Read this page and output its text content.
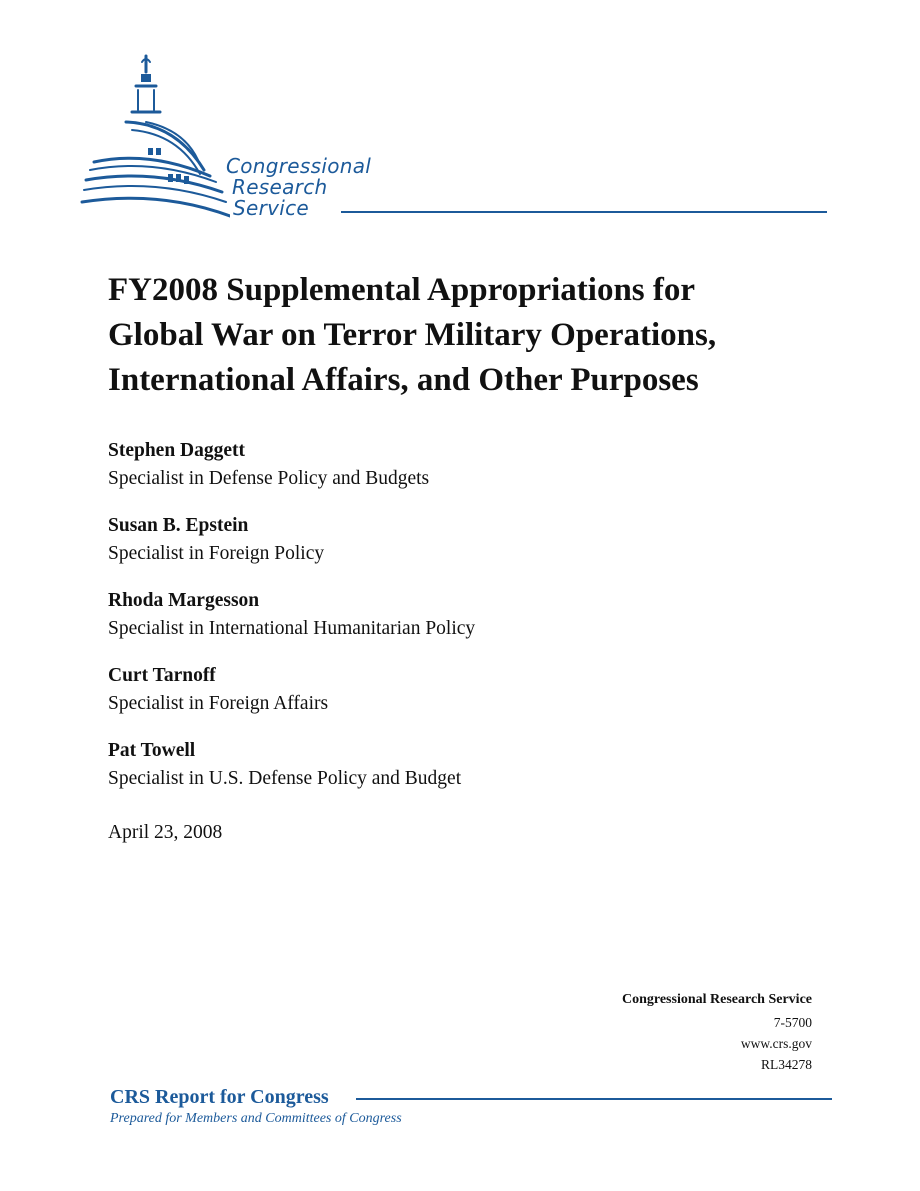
Congressional
Research
Service
FY2008 Supplemental Appropriations for
Global War on Terror Military Operations,
International Affairs, and Other Purposes
Stephen Daggett
Specialist in Defense Policy and Budgets
Susan B. Epstein
Specialist in Foreign Policy
Rhoda Margesson
Specialist in International Humanitarian Policy
Curt Tarnoff
Specialist in Foreign Affairs
Pat Towell
Specialist in U.S. Defense Policy and Budget
April 23, 2008
Congressional Research Service
7-5700
www.crs.gov
RL34278
CRS Report for Congress
Prepared for Members and Committees of Congress
